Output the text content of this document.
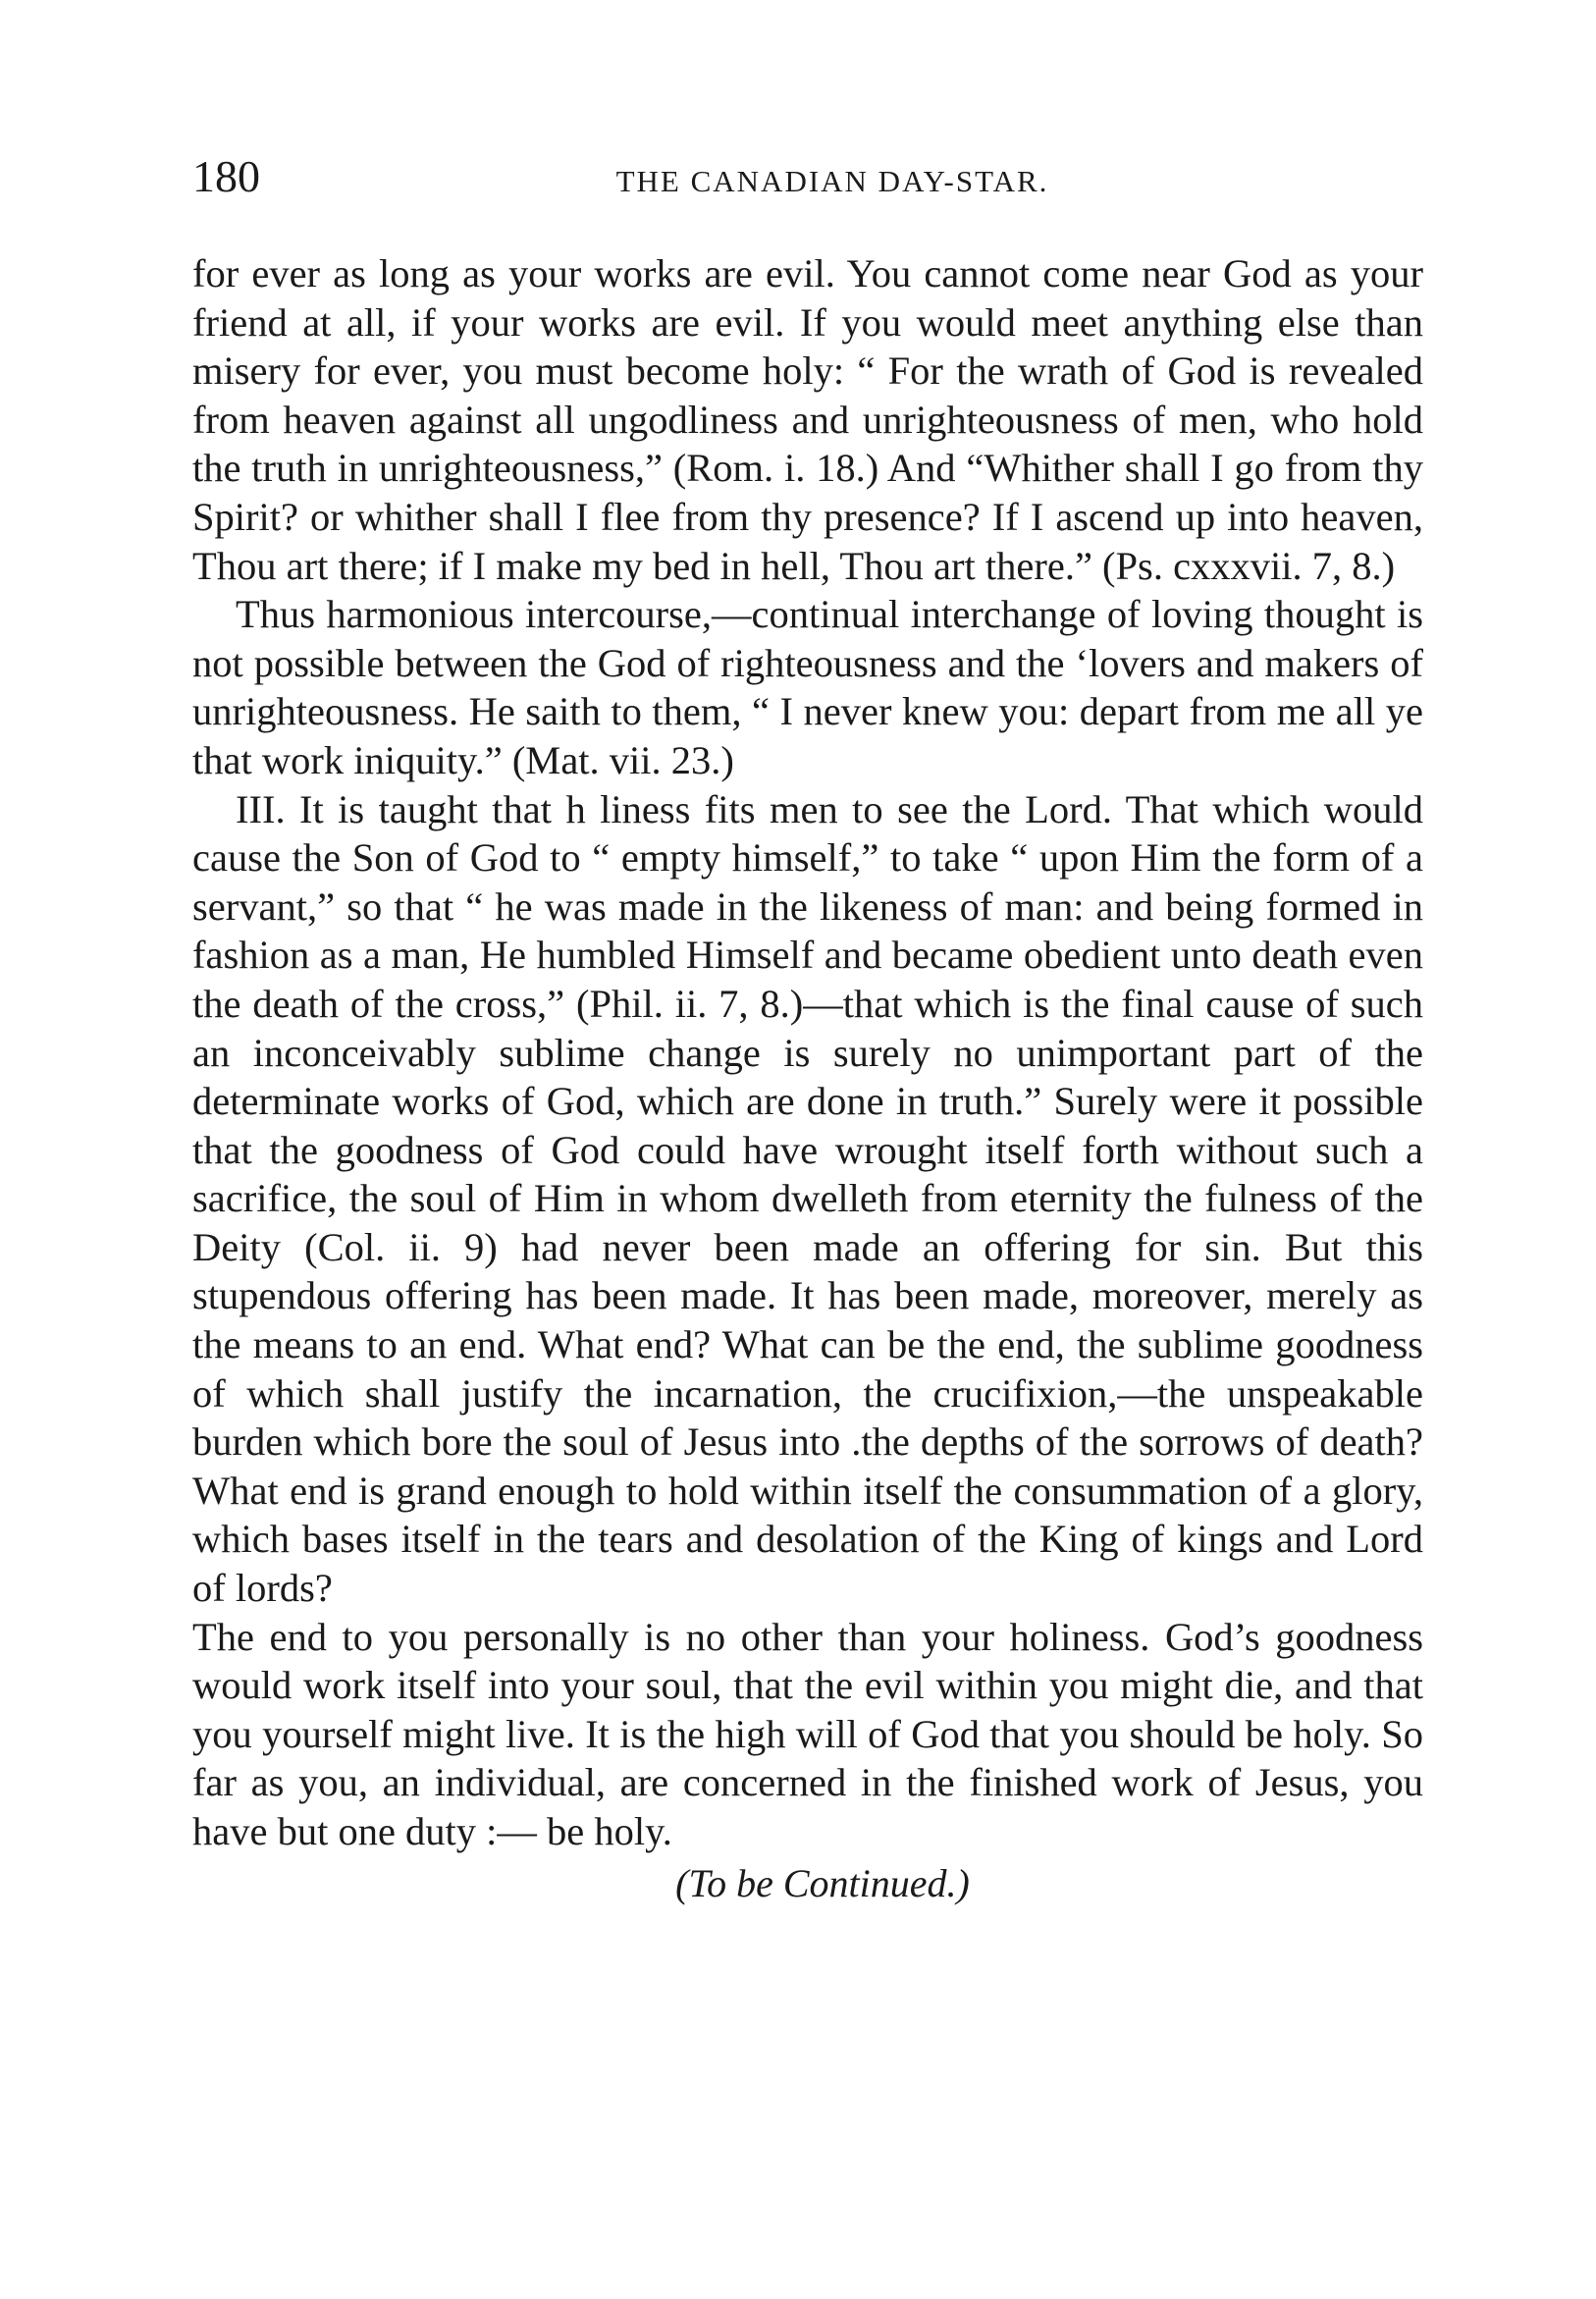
180	THE CANADIAN DAY-STAR.

for ever as long as your works are evil. You cannot come near God as your friend at all, if your works are evil. If you would meet anything else than misery for ever, you must become holy: “ For the wrath of God is revealed from heaven against all ungodliness and unrighteousness of men, who hold the truth in unrighteousness,” (Rom. i. 18.) And “Whither shall I go from thy Spirit? or whither shall I flee from thy presence? If I ascend up into heaven, Thou art there; if I make my bed in hell, Thou art there.” (Ps. cxxxvii. 7, 8.)

Thus harmonious intercourse,—continual interchange of loving thought is not possible between the God of righteousness and the ‘lovers and makers of unrighteousness. He saith to them, “ I never knew you: depart from me all ye that work iniquity.” (Mat. vii. 23.)

III. It is taught that h liness fits men to see the Lord. That which would cause the Son of God to “ empty himself,” to take “ upon Him the form of a servant,” so that “ he was made in the likeness of man: and being formed in fashion as a man, He humbled Himself and became obedient unto death even the death of the cross,” (Phil. ii. 7, 8.)—that which is the final cause of such an inconceivably sublime change is surely no unimportant part of the determinate works of God, which are done in truth.” Surely were it possible that the goodness of God could have wrought itself forth without such a sacrifice, the soul of Him in whom dwelleth from eternity the fulness of the Deity (Col. ii. 9) had never been made an offering for sin. But this stupendous offering has been made. It has been made, moreover, merely as the means to an end. What end? What can be the end, the sublime goodness of which shall justify the incarnation, the crucifixion,—the unspeakable burden which bore the soul of Jesus into .the depths of the sorrows of death? What end is grand enough to hold within itself the consummation of a glory, which bases itself in the tears and desolation of the King of kings and Lord of lords?

The end to you personally is no other than your holiness. God’s goodness would work itself into your soul, that the evil within you might die, and that you yourself might live. It is the high will of God that you should be holy. So far as you, an individual, are concerned in the finished work of Jesus, you have but one duty :— be holy.

(To be Continued.)
